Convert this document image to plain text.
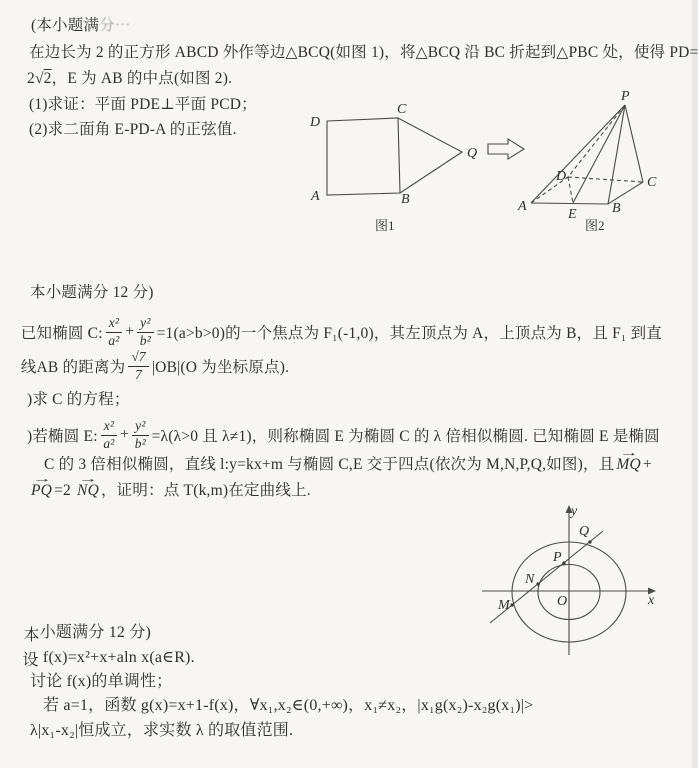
(本小题满分⋯
在边长为 2 的正方形 ABCD 外作等边△BCQ(如图 1)，将△BCQ 沿 BC 折起到△PBC 处，使得 PD=
2√2，E 为 AB 的中点(如图 2).
(1)求证：平面 PDE⊥平面 PCD；
(2)求二面角 E-PD-A 的正弦值.	D
C
A	B
Q
图1
P
D	C
A
E	B
图2
本小题满分 12 分)
已 知椭圆 C: $\frac{\text{x²}}{\text{a²}} + \frac{\text{y²}}{\text{b²}} =1(a>b>0)$的一个焦点为 F₁(-1,0)，其左顶点为 A，上顶点为 B，且 F₁ 到直
线 AB 的距离为 $\frac{√7}{7} |OB|(O$ 为坐标原点).
)求 C 的方程；
)若椭圆 E: $\frac{\text{x²}}{\text{a²}} + \frac{\text{y²}}{\text{b²}} =\lambda(\lambda>0$ 且 λ≠1)，则称椭圆 E 为椭圆 C 的 λ 倍相似椭圆. 已知椭圆 E 是椭圆
C 的 3 倍相似椭圆，直线 l:y=kx+m 与椭圆 C,E 交于四点(依次为 M,N,P,Q,如图)，且 MQ → +
PQ → =2 NQ → ，证明：点 T(k,m)在定曲线上.
y
x
O
M
N
P
Q
本小题满分 12 分)
设 f(x)=x²+x+aln x(a∈R).
讨论 f(x)的单调性；
若 a=1，函数 g(x)=x+1-f(x)，∀x₁,x₂∈(0,+∞)，x₁≠x₂，|x₁g(x₂)-x₂g(x₁)|>
λ|x₁-x₂|恒成立，求实数 λ 的取值范围.
